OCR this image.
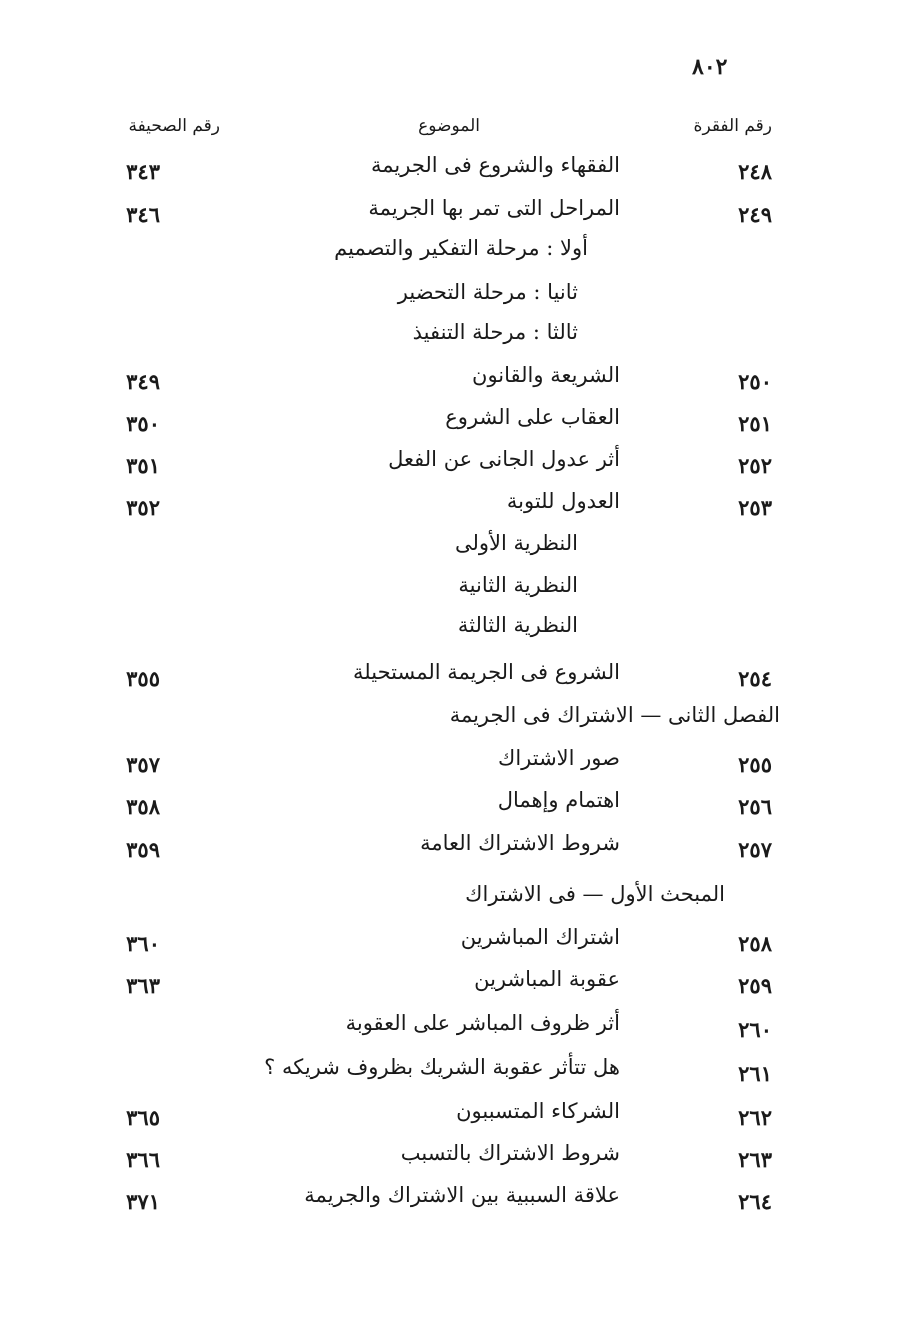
٨٠٢
رقم الفقرة
الموضوع
رقم الصحيفة
٢٤٨
الفقهاء والشروع فى الجريمة
٣٤٣
٢٤٩
المراحل التى تمر بها الجريمة
٣٤٦
أولا : مرحلة التفكير والتصميم
ثانيا : مرحلة التحضير
ثالثا : مرحلة التنفيذ
٢٥٠
الشريعة والقانون
٣٤٩
٢٥١
العقاب على الشروع
٣٥٠
٢٥٢
أثر عدول الجانى عن الفعل
٣٥١
٢٥٣
العدول للتوبة
٣٥٢
النظرية الأولى
النظرية الثانية
النظرية الثالثة
٢٥٤
الشروع فى الجريمة المستحيلة
٣٥٥
الفصل الثانى — الاشتراك فى الجريمة
٢٥٥
صور الاشتراك
٣٥٧
٢٥٦
اهتمام وإهمال
٣٥٨
٢٥٧
شروط الاشتراك العامة
٣٥٩
المبحث الأول — فى الاشتراك
٢٥٨
اشتراك المباشرين
٣٦٠
٢٥٩
عقوبة المباشرين
٣٦٣
٢٦٠
أثر ظروف المباشر على العقوبة
٢٦١
هل تتأثر عقوبة الشريك بظروف شريكه ؟
٢٦٢
الشركاء المتسببون
٣٦٥
٢٦٣
شروط الاشتراك بالتسبب
٣٦٦
٢٦٤
علاقة السببية بين الاشتراك والجريمة
٣٧١
